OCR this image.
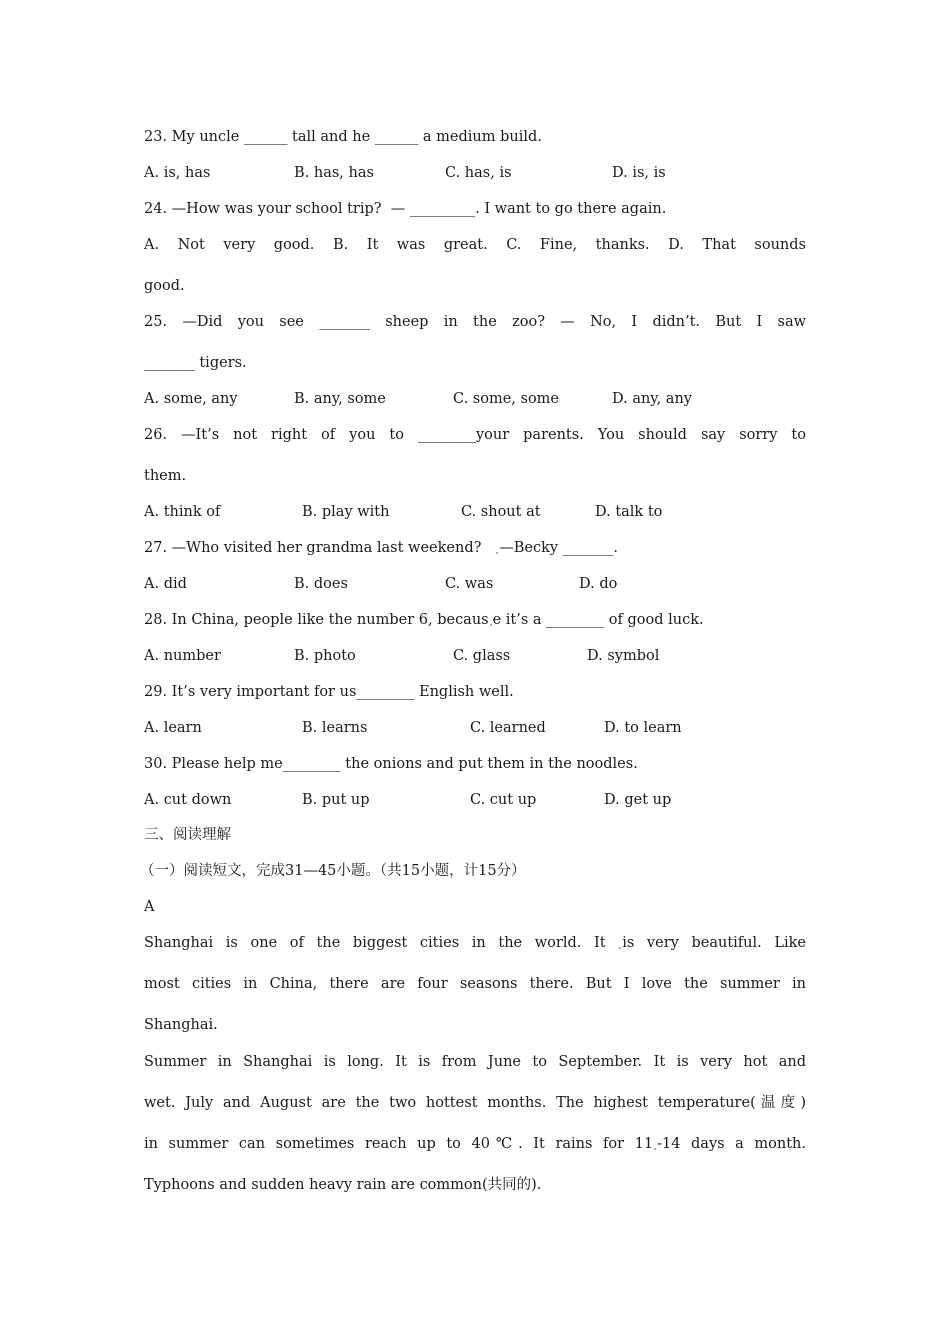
23. My uncle ______ tall and he ______ a medium build.

A. is, has	B. has, has	C. has, is	D. is, is

24. —How was your school trip?  — _________. I want to go there again.

A. Not very good. B. It was great. C. Fine, thanks. D. That sounds

good.

25. —Did you see _______ sheep in the zoo? — No, I didn’t. But I saw

_______ tigers.

A. some, any	B. any, some	C. some, some	D. any, any

26. —It’s not right of you to ________your parents. You should say sorry to

them.

A. think of	B. play with	C. shout at	D. talk to

27. —Who visited her grandma last weekend?   —Becky _______.

A. did	B. does	C. was	D. do

28. In China, people like the number 6, becaus e it’s a ________ of good luck.

A. number	B. photo	C. glass	D. symbol

29. It’s very important for us________ English well.

A. learn	B. learns	C. learned	D. to learn

30. Please help me________ the onions and put them in the noodles.

A. cut down	B. put up	C. cut up	D. get up

三、阅读理解

（一）阅读短文，完成31—45小题。（共15小题，计15分）

A

Shanghai is one of the biggest cities in the world. It is very beautiful. Like

most cities in China, there are four seasons there. But I love the summer in

Shanghai.

Summer in Shanghai is long. It is from June to September. It is very hot and

wet. July and August are the two hottest months. The highest temperature(温度)

in summer can sometimes reach up to 40℃. It rains for 11 -14 days a month.

Typhoons and sudden heavy rain are common(共同的).
